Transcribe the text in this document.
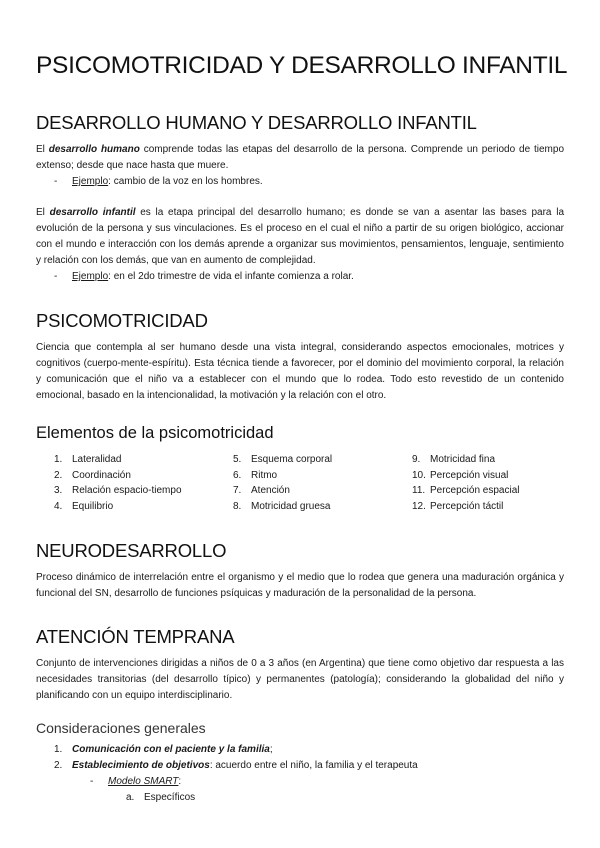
PSICOMOTRICIDAD Y DESARROLLO INFANTIL
DESARROLLO HUMANO Y DESARROLLO INFANTIL

El desarrollo humano comprende todas las etapas del desarrollo de la persona. Comprende un periodo de tiempo extenso; desde que nace hasta que muere.

- Ejemplo: cambio de la voz en los hombres.

El desarrollo infantil es la etapa principal del desarrollo humano; es donde se van a asentar las bases para la evolución de la persona y sus vinculaciones. Es el proceso en el cual el niño a partir de su origen biológico, accionar con el mundo e interacción con los demás aprende a organizar sus movimientos, pensamientos, lenguaje, sentimiento y relación con los demás, que van en aumento de complejidad.

- Ejemplo: en el 2do trimestre de vida el infante comienza a rolar.
PSICOMOTRICIDAD

Ciencia que contempla al ser humano desde una vista integral, considerando aspectos emocionales, motrices y cognitivos (cuerpo-mente-espíritu). Esta técnica tiende a favorecer, por el dominio del movimiento corporal, la relación y comunicación que el niño va a establecer con el mundo que lo rodea. Todo esto revestido de un contenido emocional, basado en la intencionalidad, la motivación y la relación con el otro.

Elementos de la psicomotricidad
1. Lateralidad
2. Coordinación
3. Relación espacio-tiempo
4. Equilibrio
5. Esquema corporal
6. Ritmo
7. Atención
8. Motricidad gruesa
9. Motricidad fina
10. Percepción visual
11. Percepción espacial
12. Percepción táctil
NEURODESARROLLO

Proceso dinámico de interrelación entre el organismo y el medio que lo rodea que genera una maduración orgánica y funcional del SN, desarrollo de funciones psíquicas y maduración de la personalidad de la persona.

ATENCIÓN TEMPRANA

Conjunto de intervenciones dirigidas a niños de 0 a 3 años (en Argentina) que tiene como objetivo dar respuesta a las necesidades transitorias (del desarrollo típico) y permanentes (patología); considerando la globalidad del niño y planificando con un equipo interdisciplinario.

Consideraciones generales
1. Comunicación con el paciente y la familia;
2. Establecimiento de objetivos: acuerdo entre el niño, la familia y el terapeuta
- Modelo SMART:
a. Específicos
